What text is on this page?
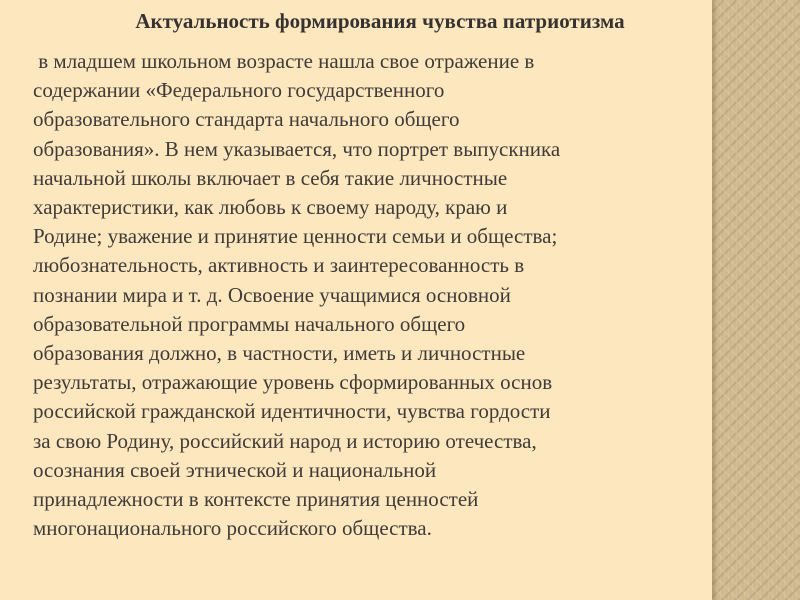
Актуальность формирования чувства патриотизма
в младшем школьном возрасте нашла свое отражение в
содержании «Федерального государственного
образовательного стандарта начального общего
образования». В нем указывается, что портрет выпускника
начальной школы включает в себя такие личностные
характеристики, как любовь к своему народу, краю и
Родине; уважение и принятие ценности семьи и общества;
любознательность, активность и заинтересованность в
познании мира и т. д. Освоение учащимися основной
образовательной программы начального общего
образования должно, в частности, иметь и личностные
результаты, отражающие уровень сформированных основ
российской гражданской идентичности, чувства гордости
за свою Родину, российский народ и историю отечества,
осознания своей этнической и национальной
принадлежности в контексте принятия ценностей
многонационального российского общества.
